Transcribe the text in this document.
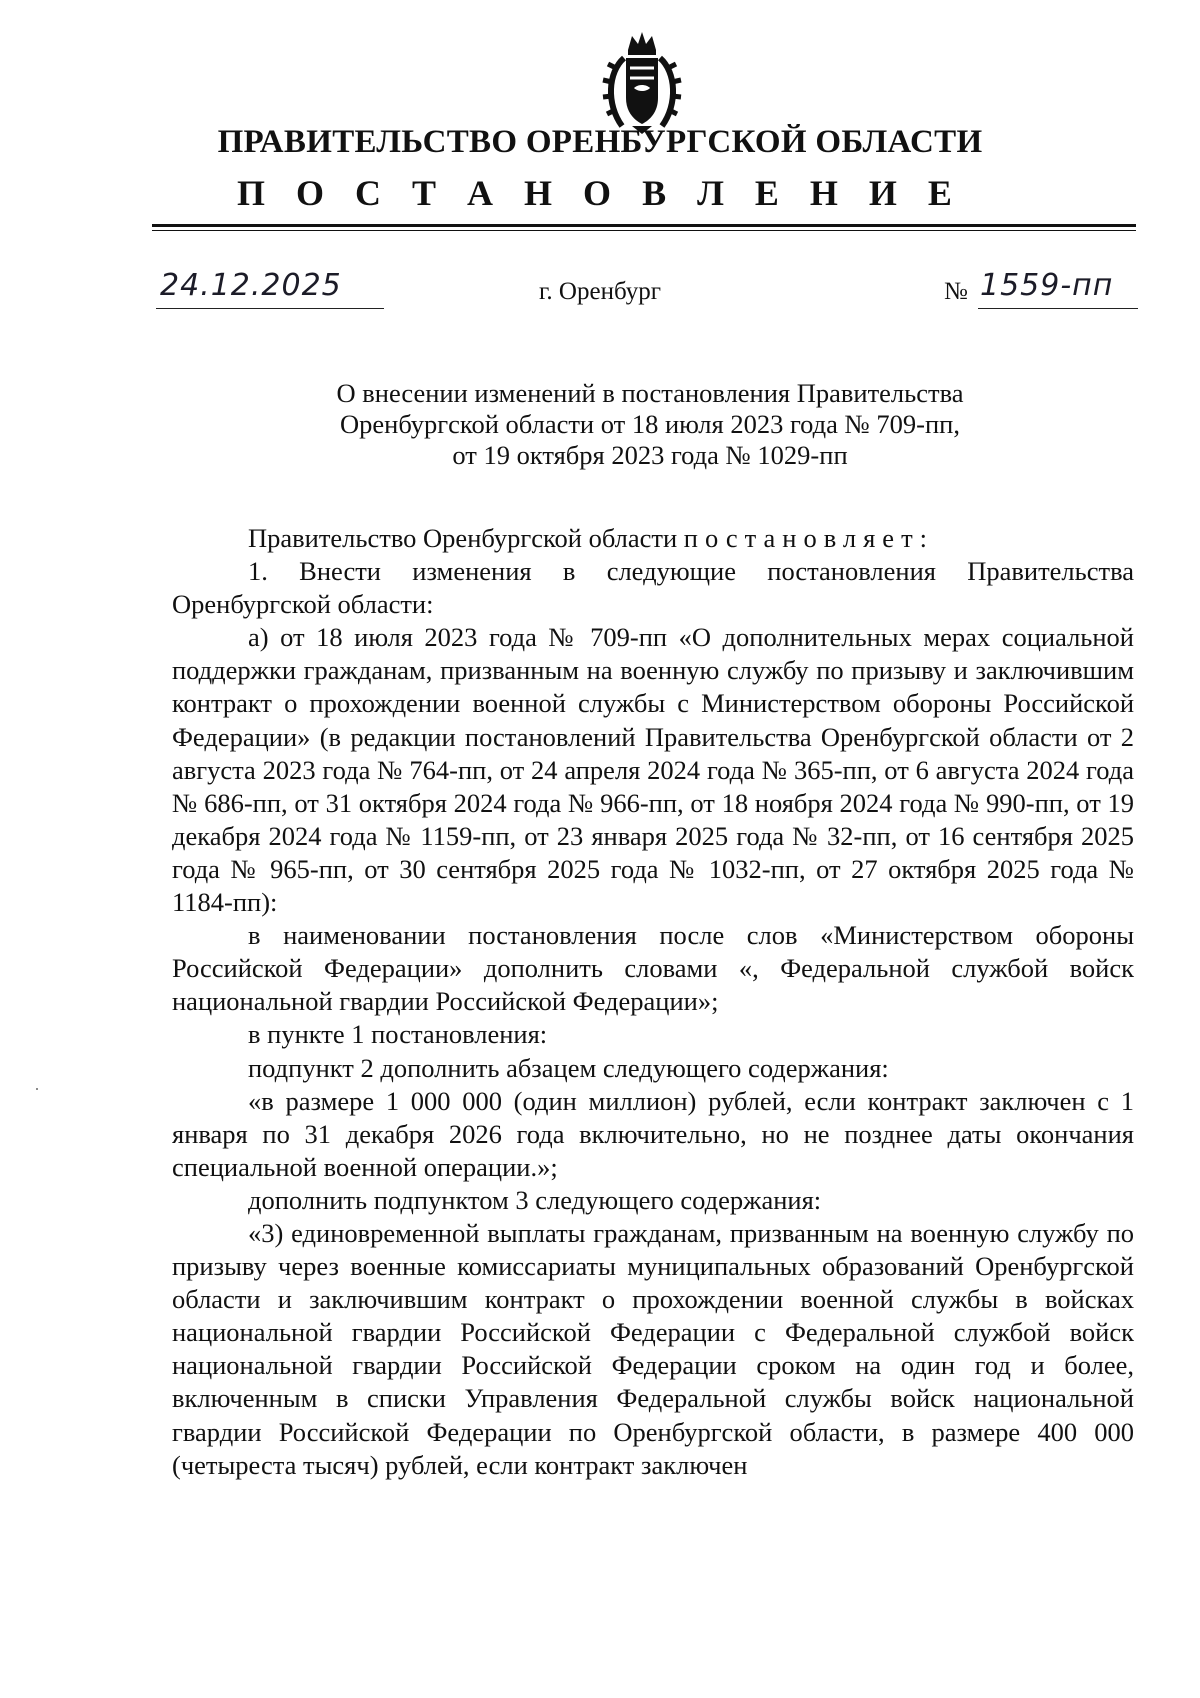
ПРАВИТЕЛЬСТВО ОРЕНБУРГСКОЙ ОБЛАСТИ
П О С Т А Н О В Л Е Н И Е
24.12.2025	г. Оренбург	№ 1559-пп
О внесении изменений в постановления Правительства
Оренбургской области от 18 июля 2023 года № 709-пп,
от 19 октября 2023 года № 1029-пп

Правительство Оренбургской области постановляет:

1. Внести изменения в следующие постановления Правительства Оренбургской области:

а) от 18 июля 2023 года № 709-пп «О дополнительных мерах социальной поддержки гражданам, призванным на военную службу по призыву и заключившим контракт о прохождении военной службы с Министерством обороны Российской Федерации» (в редакции постановлений Правительства Оренбургской области от 2 августа 2023 года № 764-пп, от 24 апреля 2024 года № 365-пп, от 6 августа 2024 года № 686-пп, от 31 октября 2024 года № 966-пп, от 18 ноября 2024 года № 990-пп, от 19 декабря 2024 года № 1159-пп, от 23 января 2025 года № 32-пп, от 16 сентября 2025 года № 965-пп, от 30 сентября 2025 года № 1032-пп, от 27 октября 2025 года № 1184-пп):

в наименовании постановления после слов «Министерством обороны Российской Федерации» дополнить словами «, Федеральной службой войск национальной гвардии Российской Федерации»;

в пункте 1 постановления:

подпункт 2 дополнить абзацем следующего содержания:

«в размере 1 000 000 (один миллион) рублей, если контракт заключен с 1 января по 31 декабря 2026 года включительно, но не позднее даты окончания специальной военной операции.»;

дополнить подпунктом 3 следующего содержания:

«3) единовременной выплаты гражданам, призванным на военную службу по призыву через военные комиссариаты муниципальных образований Оренбургской области и заключившим контракт о прохождении военной службы в войсках национальной гвардии Российской Федерации с Федеральной службой войск национальной гвардии Российской Федерации сроком на один год и более, включенным в списки Управления Федеральной службы войск национальной гвардии Российской Федерации по Оренбургской области, в размере 400 000 (четыреста тысяч) рублей, если контракт заключен
